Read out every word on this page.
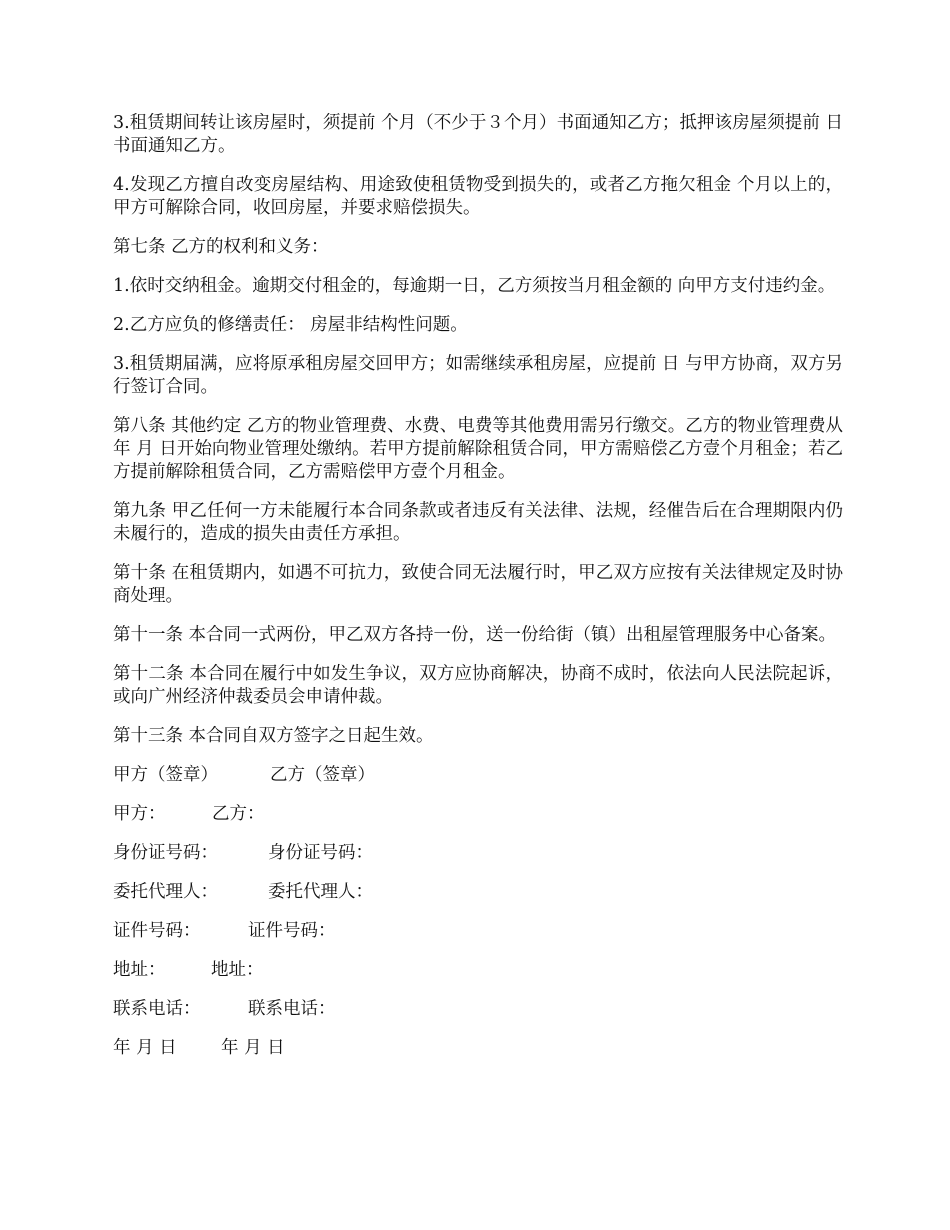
3.租赁期间转让该房屋时，须提前 个月（不少于３个月）书面通知乙方；抵押该房屋须提前 日书面通知乙方。

4.发现乙方擅自改变房屋结构、用途致使租赁物受到损失的，或者乙方拖欠租金 个月以上的，甲方可解除合同，收回房屋，并要求赔偿损失。

第七条 乙方的权利和义务：

1.依时交纳租金。逾期交付租金的，每逾期一日，乙方须按当月租金额的 向甲方支付违约金。

2.乙方应负的修缮责任： 房屋非结构性问题。

3.租赁期届满，应将原承租房屋交回甲方；如需继续承租房屋，应提前 日 与甲方协商，双方另行签订合同。

第八条 其他约定 乙方的物业管理费、水费、电费等其他费用需另行缴交。乙方的物业管理费从 年 月 日开始向物业管理处缴纳。若甲方提前解除租赁合同，甲方需赔偿乙方壹个月租金；若乙方提前解除租赁合同，乙方需赔偿甲方壹个月租金。

第九条 甲乙任何一方未能履行本合同条款或者违反有关法律、法规，经催告后在合理期限内仍未履行的，造成的损失由责任方承担。

第十条 在租赁期内，如遇不可抗力，致使合同无法履行时，甲乙双方应按有关法律规定及时协商处理。

第十一条 本合同一式两份，甲乙双方各持一份，送一份给街（镇）出租屋管理服务中心备案。

第十二条 本合同在履行中如发生争议，双方应协商解决，协商不成时，依法向人民法院起诉，或向广州经济仲裁委员会申请仲裁。

第十三条 本合同自双方签字之日起生效。

甲方（签章）	乙方（签章）
甲方：	乙方：
身份证号码：	身份证号码：
委托代理人：	委托代理人：
证件号码：	证件号码：
地址：	地址：
联系电话：	联系电话：
年 月 日	年 月 日
